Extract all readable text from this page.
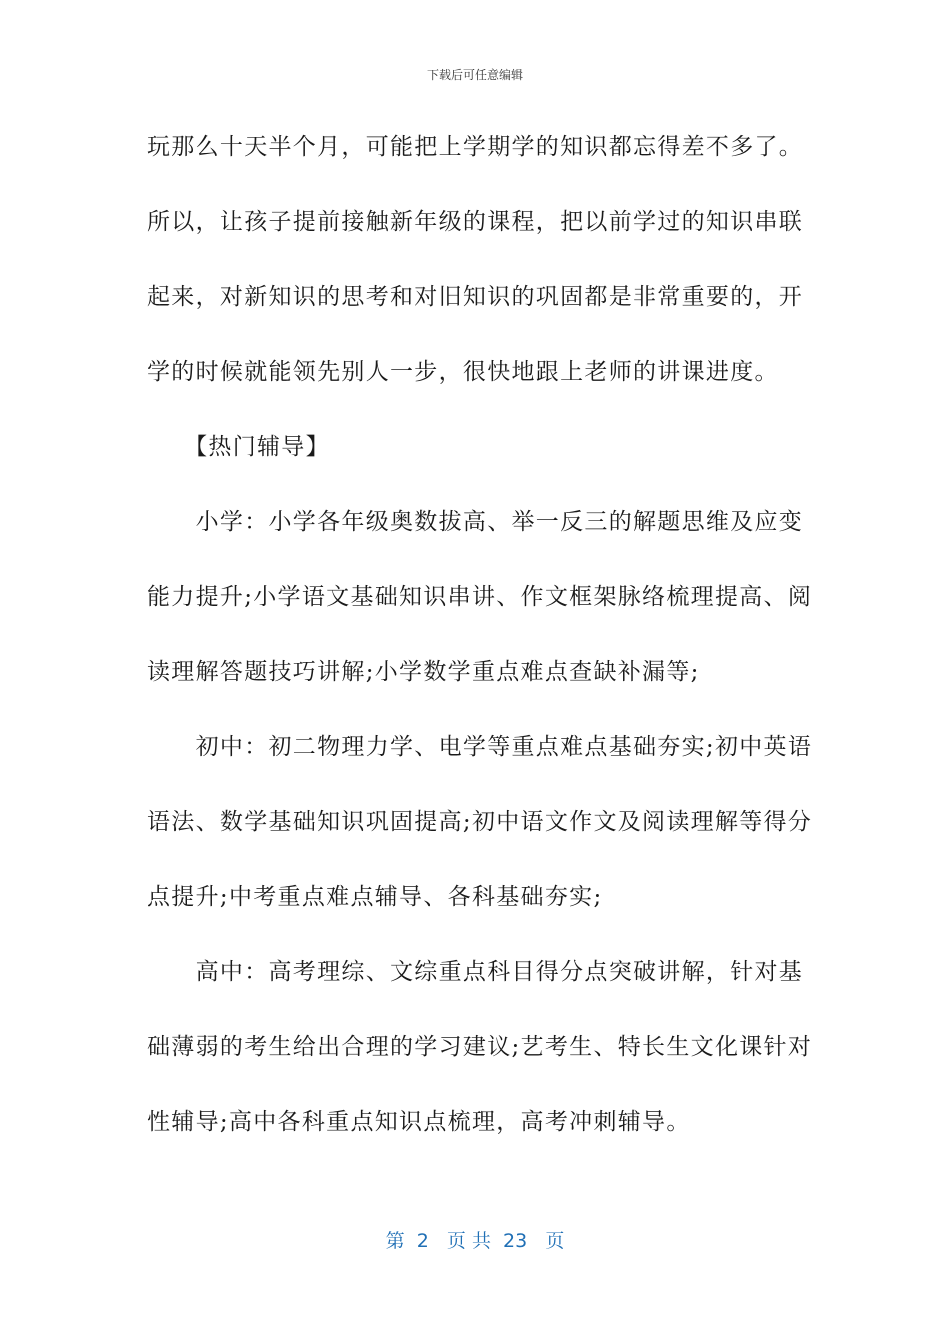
下载后可任意编辑
玩那么十天半个月，可能把上学期学的知识都忘得差不多了。
所以，让孩子提前接触新年级的课程，把以前学过的知识串联
起来，对新知识的思考和对旧知识的巩固都是非常重要的，开
学的时候就能领先别人一步，很快地跟上老师的讲课进度。
　　【热门辅导】
　　小学：小学各年级奥数拔高、举一反三的解题思维及应变
能力提升;小学语文基础知识串讲、作文框架脉络梳理提高、阅
读理解答题技巧讲解;小学数学重点难点查缺补漏等;
　　初中：初二物理力学、电学等重点难点基础夯实;初中英语
语法、数学基础知识巩固提高;初中语文作文及阅读理解等得分
点提升;中考重点难点辅导、各科基础夯实;
　　高中：高考理综、文综重点科目得分点突破讲解，针对基
础薄弱的考生给出合理的学习建议;艺考生、特长生文化课针对
性辅导;高中各科重点知识点梳理，高考冲刺辅导。
第  2   页 共  23   页
